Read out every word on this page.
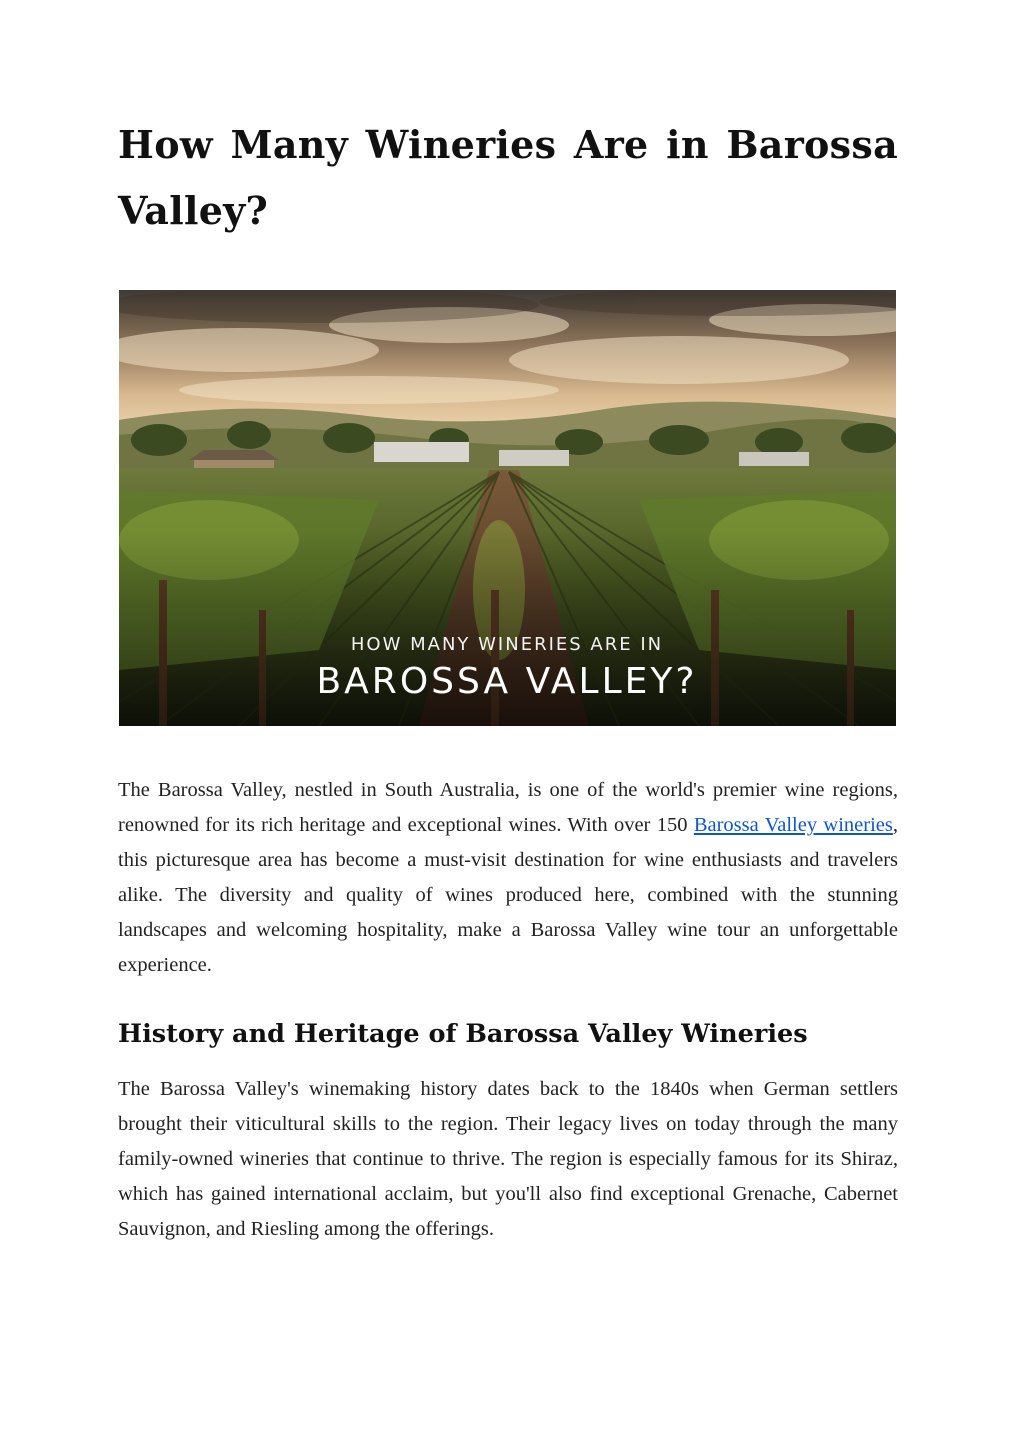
How Many Wineries Are in Barossa Valley?
HOW MANY WINERIES ARE IN
BAROSSA VALLEY?

The Barossa Valley, nestled in South Australia, is one of the world's premier wine regions, renowned for its rich heritage and exceptional wines. With over 150 Barossa Valley wineries, this picturesque area has become a must-visit destination for wine enthusiasts and travelers alike. The diversity and quality of wines produced here, combined with the stunning landscapes and welcoming hospitality, make a Barossa Valley wine tour an unforgettable experience.

History and Heritage of Barossa Valley Wineries

The Barossa Valley's winemaking history dates back to the 1840s when German settlers brought their viticultural skills to the region. Their legacy lives on today through the many family-owned wineries that continue to thrive. The region is especially famous for its Shiraz, which has gained international acclaim, but you'll also find exceptional Grenache, Cabernet Sauvignon, and Riesling among the offerings.
